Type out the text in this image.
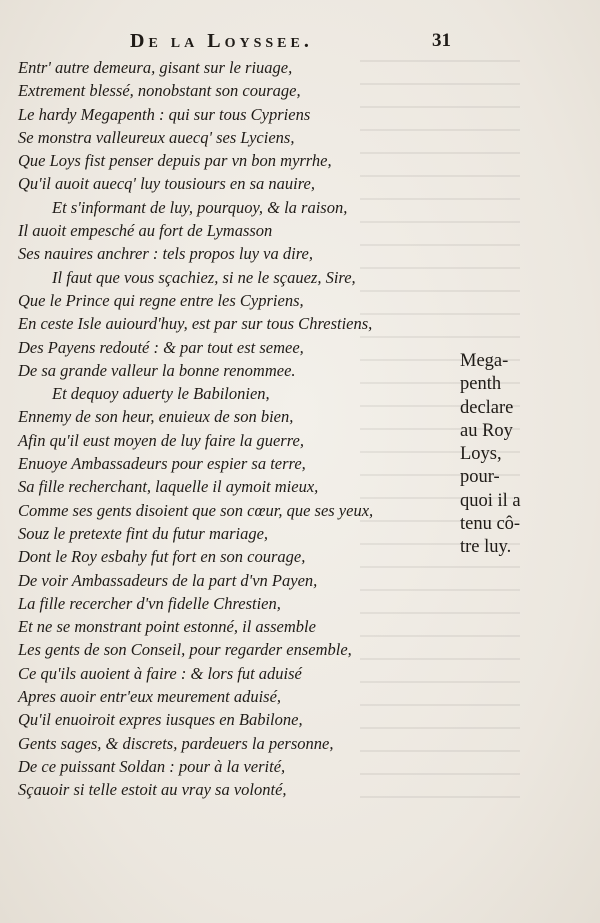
De la Loyssee.	31
Entr' autre demeura, gisant sur le riuage,
Extrement blessé, nonobstant son courage,
Le hardy Megapenth : qui sur tous Cypriens
Se monstra valleureux auecq' ses Lyciens,
Que Loys fist penser depuis par vn bon myrrhe,
Qu'il auoit auecq' luy tousiours en sa nauire,
Et s'informant de luy, pourquoy, & la raison,
Il auoit empesché au fort de Lymasson
Ses nauires anchrer : tels propos luy va dire,
Il faut que vous sçachiez, si ne le sçauez, Sire,
Que le Prince qui regne entre les Cypriens,
En ceste Isle auiourd'huy, est par sur tous Chrestiens,
Des Payens redouté : & par tout est semee,
De sa grande valleur la bonne renommee.
Et dequoy aduerty le Babilonien,
Ennemy de son heur, enuieux de son bien,
Afin qu'il eust moyen de luy faire la guerre,
Enuoye Ambassadeurs pour espier sa terre,
Sa fille recherchant, laquelle il aymoit mieux,
Comme ses gents disoient que son cœur, que ses yeux,
Souz le pretexte fint du futur mariage,
Dont le Roy esbahy fut fort en son courage,
De voir Ambassadeurs de la part d'vn Payen,
La fille recercher d'vn fidelle Chrestien,
Et ne se monstrant point estonné, il assemble
Les gents de son Conseil, pour regarder ensemble,
Ce qu'ils auoient à faire : & lors fut aduisé
Apres auoir entr'eux meurement aduisé,
Qu'il enuoiroit expres iusques en Babilone,
Gents sages, & discrets, pardeuers la personne,
De ce puissant Soldan : pour à la verité,
Sçauoir si telle estoit au vray sa volonté,
Mega-
penth
declare
au Roy
Loys,
pour-
quoi il a
tenu cô-
tre luy.
